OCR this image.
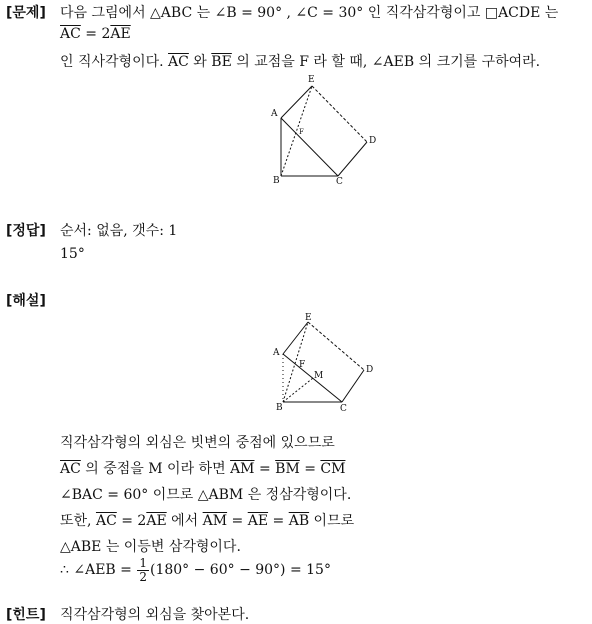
[문제] 다음 그림에서 △ABC 는 ∠B = 90° , ∠C = 30° 인 직각삼각형이고 □ACDE 는
$\overline{AC} = 2\overline{AE}$
인 직사각형이다. $\overline{AC}$ 와 $\overline{BE}$ 의 교점을 F 라 할 때, ∠AEB 의 크기를 구하여라.
A
B	C
D
E
F
[정답] 순서: 없음, 갯수: 1
15°
[해설]
A
B	C
D
E
F
M
직각삼각형의 외심은 빗변의 중점에 있으므로
$\overline{AC}$ 의 중점을 M 이라 하면 $\overline{AM} = \overline{BM} = \overline{CM}$
∠BAC = 60° 이므로 △ABM 은 정삼각형이다.
또한, $\overline{AC} = 2\overline{AE}$ 에서 $\overline{AM} = \overline{AE} = \overline{AB}$ 이므로
△ABE 는 이등변 삼각형이다.
∴ ∠AEB = $\frac{1}{2} (180^\circ - 60^\circ - 90^\circ) = 15^\circ$
[힌트] 직각삼각형의 외심을 찾아본다.
